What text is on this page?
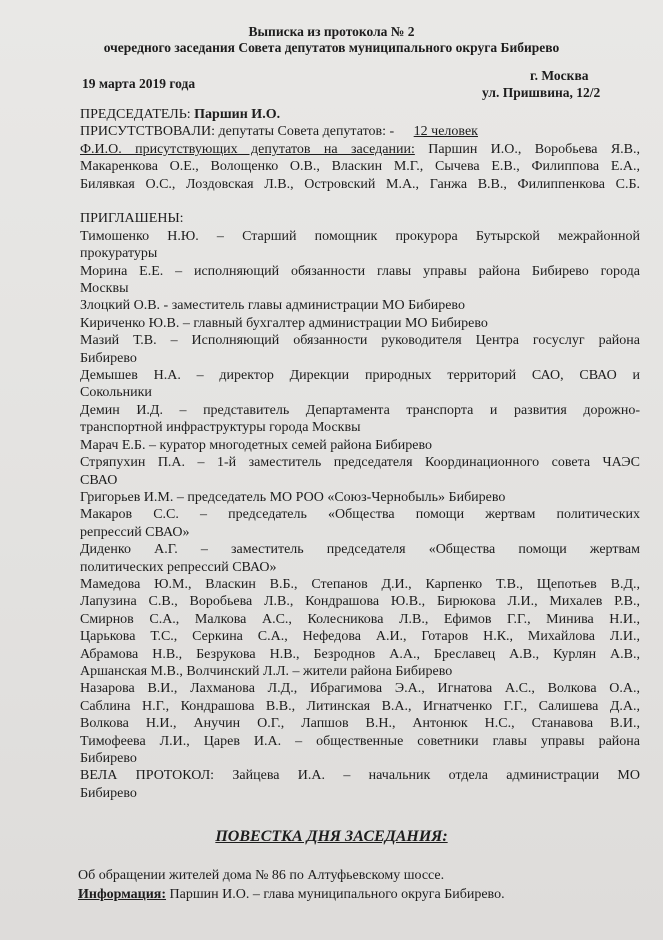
Выписка из протокола № 2
очередного заседания Совета депутатов муниципального округа Бибирево
19 марта 2019 года
г. Москва
ул. Пришвина, 12/2
ПРЕДСЕДАТЕЛЬ: Паршин И.О.
ПРИСУТСТВОВАЛИ: депутаты Совета депутатов: - 12 человек
Ф.И.О. присутствующих депутатов на заседании: Паршин И.О., Воробьева Я.В.,
Макаренкова О.Е., Волощенко О.В., Власкин М.Г., Сычева Е.В., Филиппова Е.А.,
Билявкая О.С., Лоздовская Л.В., Островский М.А., Ганжа В.В., Филиппенкова С.Б.
ПРИГЛАШЕНЫ:
Тимошенко Н.Ю. – Старший помощник прокурора Бутырской межрайонной
прокуратуры
Морина Е.Е. – исполняющий обязанности главы управы района Бибирево города
Москвы
Злоцкий О.В. - заместитель главы администрации МО Бибирево
Кириченко Ю.В. – главный бухгалтер администрации МО Бибирево
Мазий Т.В. – Исполняющий обязанности руководителя Центра госуслуг района
Бибирево
Демышев Н.А. – директор Дирекции природных территорий САО, СВАО и
Сокольники
Демин И.Д. – представитель Департамента транспорта и развития дорожно-
транспортной инфраструктуры города Москвы
Марач Е.Б. – куратор многодетных семей района Бибирево
Стряпухин П.А. – 1-й заместитель председателя Координационного совета ЧАЭС
СВАО
Григорьев И.М. – председатель МО РОО «Союз-Чернобыль» Бибирево
Макаров С.С. – председатель «Общества помощи жертвам политических
репрессий СВАО»
Диденко А.Г. – заместитель председателя «Общества помощи жертвам
политических репрессий СВАО»
Мамедова Ю.М., Власкин В.Б., Степанов Д.И., Карпенко Т.В., Щепотьев В.Д.,
Лапузина С.В., Воробьева Л.В., Кондрашова Ю.В., Бирюкова Л.И., Михалев Р.В.,
Смирнов С.А., Малкова А.С., Колесникова Л.В., Ефимов Г.Г., Минива Н.И.,
Царькова Т.С., Серкина С.А., Нефедова А.И., Готаров Н.К., Михайлова Л.И.,
Абрамова Н.В., Безрукова Н.В., Безроднов А.А., Бреславец А.В., Курлян А.В.,
Аршанская М.В., Волчинский Л.Л. – жители района Бибирево
Назарова В.И., Лахманова Л.Д., Ибрагимова Э.А., Игнатова А.С., Волкова О.А.,
Саблина Н.Г., Кондрашова В.В., Литинская В.А., Игнатченко Г.Г., Салишева Д.А.,
Волкова Н.И., Анучин О.Г., Лапшов В.Н., Антонюк Н.С., Станавова В.И.,
Тимофеева Л.И., Царев И.А. – общественные советники главы управы района
Бибирево
ВЕЛА ПРОТОКОЛ: Зайцева И.А. – начальник отдела администрации МО
Бибирево
ПОВЕСТКА ДНЯ ЗАСЕДАНИЯ:
Об обращении жителей дома № 86 по Алтуфьевскому шоссе.
Информация: Паршин И.О. – глава муниципального округа Бибирево.
